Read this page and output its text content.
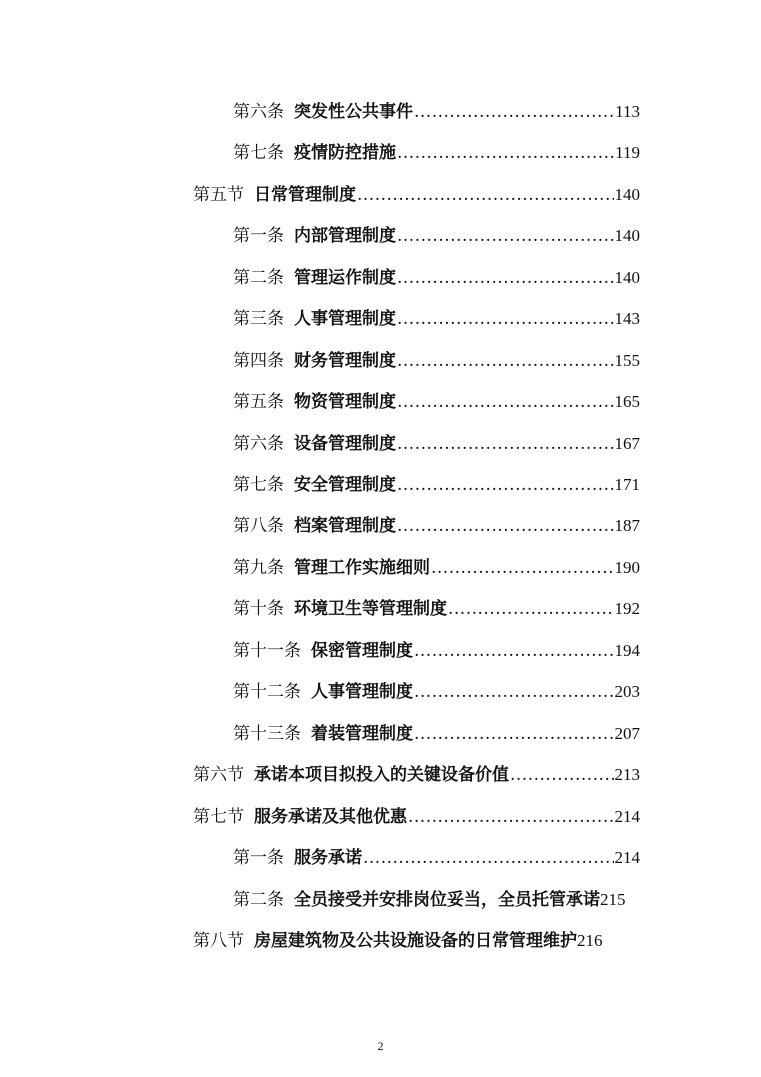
第六条 突发性公共事件 .....	113
第七条 疫情防控措施 .....	119
第五节 日常管理制度 .....	140
第一条 内部管理制度 .....	140
第二条 管理运作制度 .....	140
第三条 人事管理制度 .....	143
第四条 财务管理制度 .....	155
第五条 物资管理制度 .....	165
第六条 设备管理制度 .....	167
第七条 安全管理制度 .....	171
第八条 档案管理制度 .....	187
第九条 管理工作实施细则 .....	190
第十条 环境卫生等管理制度 .....	192
第十一条 保密管理制度 .....	194
第十二条 人事管理制度 .....	203
第十三条 着装管理制度 .....	207
第六节 承诺本项目拟投入的关键设备价值 .....	213
第七节 服务承诺及其他优惠 .....	214
第一条 服务承诺 .....	214
第二条 全员接受并安排岗位妥当，全员托管承诺 215
第八节 房屋建筑物及公共设施设备的日常管理维护 216
2
